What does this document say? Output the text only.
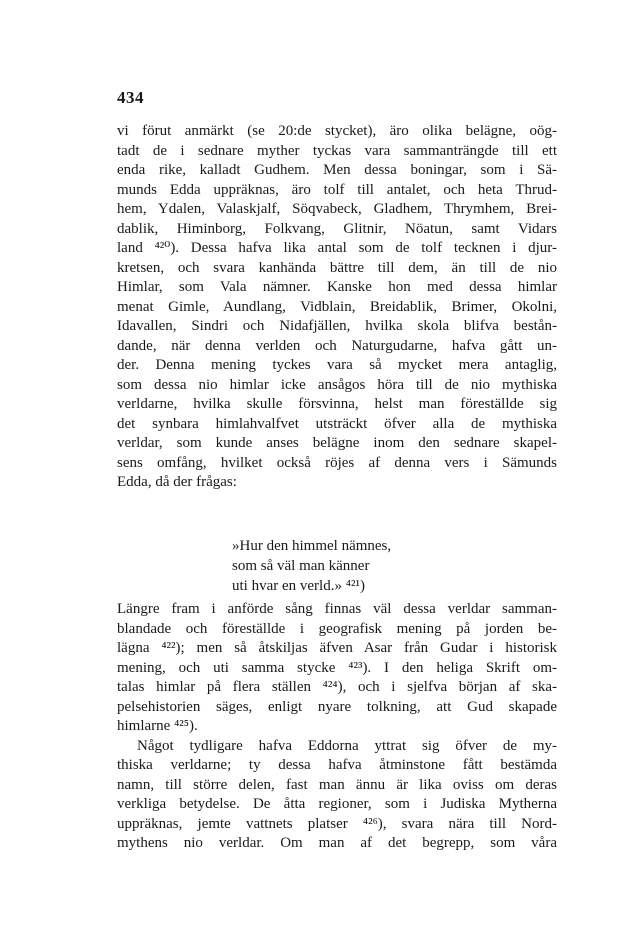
434
vi förut anmärkt (se 20:de stycket), äro olika belägne, oög-
tadt de i sednare myther tyckas vara sammanträngde till ett
enda rike, kalladt Gudhem. Men dessa boningar, som i Sä-
munds Edda uppräknas, äro tolf till antalet, och heta Thrud-
hem, Ydalen, Valaskjalf, Söqvabeck, Gladhem, Thrymhem, Brei-
dablik, Himinborg, Folkvang, Glitnir, Nöatun, samt Vidars
land ⁴²⁰). Dessa hafva lika antal som de tolf tecknen i djur-
kretsen, och svara kanhända bättre till dem, än till de nio
Himlar, som Vala nämner. Kanske hon med dessa himlar
menat Gimle, Aundlang, Vidblain, Breidablik, Brimer, Okolni,
Idavallen, Sindri och Nidafjällen, hvilka skola blifva bestån-
dande, när denna verlden och Naturgudarne, hafva gått un-
der. Denna mening tyckes vara så mycket mera antaglig,
som dessa nio himlar icke ansågos höra till de nio mythiska
verldarne, hvilka skulle försvinna, helst man föreställde sig
det synbara himlahvalfvet utsträckt öfver alla de mythiska
verldar, som kunde anses belägne inom den sednare skapel-
sens omfång, hvilket också röjes af denna vers i Sämunds
Edda, då der frågas:
»Hur den himmel nämnes,
som så väl man känner
uti hvar en verld.» ⁴²¹)
Längre fram i anförde sång finnas väl dessa verldar samman-
blandade och föreställde i geografisk mening på jorden be-
lägna ⁴²²); men så åtskiljas äfven Asar från Gudar i historisk
mening, och uti samma stycke ⁴²³). I den heliga Skrift om-
talas himlar på flera ställen ⁴²⁴), och i sjelfva början af ska-
pelsehistorien säges, enligt nyare tolkning, att Gud skapade
himlarne ⁴²⁵).
Något tydligare hafva Eddorna yttrat sig öfver de my-
thiska verldarne; ty dessa hafva åtminstone fått bestämda
namn, till större delen, fast man ännu är lika oviss om deras
verkliga betydelse. De åtta regioner, som i Judiska Mytherna
uppräknas, jemte vattnets platser ⁴²⁶), svara nära till Nord-
mythens nio verldar. Om man af det begrepp, som våra
